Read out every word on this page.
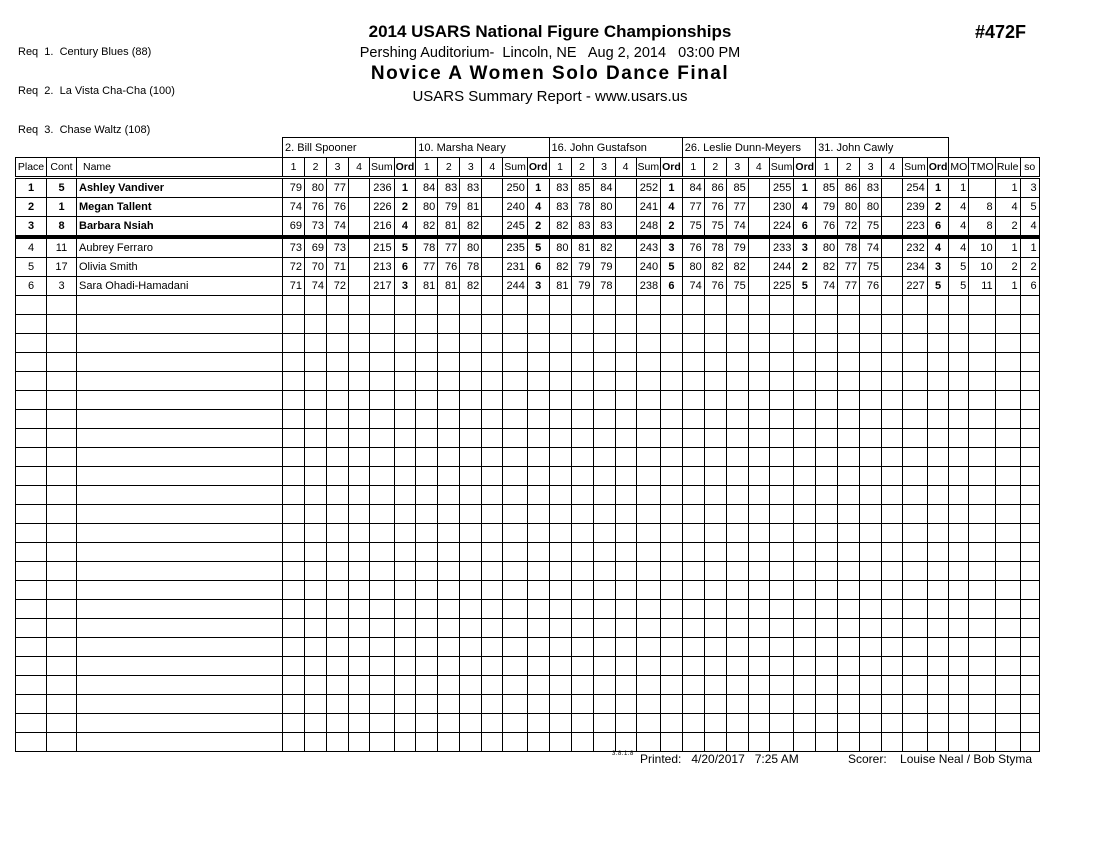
Req  1.  Century Blues (88)

Req  2.  La Vista Cha-Cha (100)

Req  3.  Chase Waltz (108)

#472F
2014 USARS National Figure Championships
Pershing Auditorium-  Lincoln, NE   Aug 2, 2014   03:00 PM
Novice A Women Solo Dance Final
USARS Summary Report - www.usars.us
			2. Bill Spooner						10. Marsha Neary						16. John Gustafson						26. Leslie Dunn-Meyers						31. John Cawly									
Place	Cont	Name	1	2	3	4	Sum	Ord	1	2	3	4	Sum	Ord	1	2	3	4	Sum	Ord	1	2	3	4	Sum	Ord	1	2	3	4	Sum	Ord	MO	TMO	Rule	so
1	5	Ashley Vandiver	79	80	77		236	1	84	83	83		250	1	83	85	84		252	1	84	86	85		255	1	85	86	83		254	1	1		1	3
2	1	Megan Tallent	74	76	76		226	2	80	79	81		240	4	83	78	80		241	4	77	76	77		230	4	79	80	80		239	2	4	8	4	5
3	8	Barbara Nsiah	69	73	74		216	4	82	81	82		245	2	82	83	83		248	2	75	75	74		224	6	76	72	75		223	6	4	8	2	4
4	11	Aubrey Ferraro	73	69	73		215	5	78	77	80		235	5	80	81	82		243	3	76	78	79		233	3	80	78	74		232	4	4	10	1	1
5	17	Olivia Smith	72	70	71		213	6	77	76	78		231	6	82	79	79		240	5	80	82	82		244	2	82	77	75		234	3	5	10	2	2
6	3	Sara Ohadi-Hamadani	71	74	72		217	3	81	81	82		244	3	81	79	78		238	6	74	76	75		225	5	74	77	76		227	5	5	11	1	6

3.8.1.8 Printed:   4/20/2017   7:25 AM	Scorer:    Louise Neal / Bob Styma
